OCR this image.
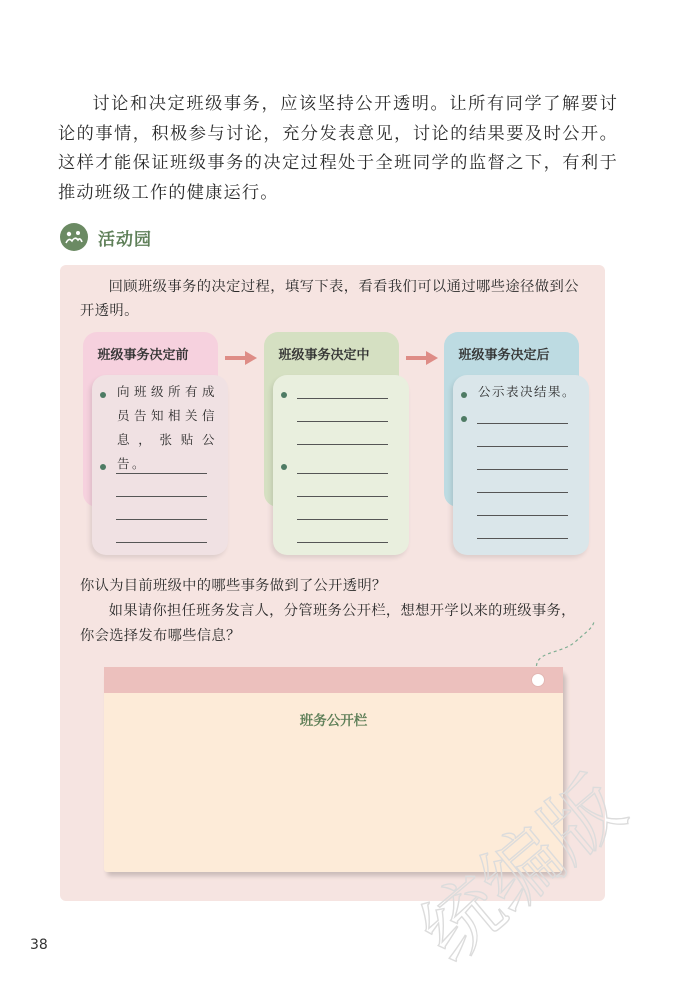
讨论和决定班级事务，应该坚持公开透明。让所有同学了解要讨论的事情，积极参与讨论，充分发表意见，讨论的结果要及时公开。这样才能保证班级事务的决定过程处于全班同学的监督之下，有利于推动班级工作的健康运行。

活动园

回顾班级事务的决定过程，填写下表，看看我们可以通过哪些途径做到公开透明。

班级事务决定前

向班级所有成员告知相关信息，张贴公告。

班级事务决定中	班级事务决定后

公示表决结果。

你认为目前班级中的哪些事务做到了公开透明？

如果请你担任班务发言人，分管班务公开栏，想想开学以来的班级事务，你会选择发布哪些信息？

班务公开栏
统编版
38
